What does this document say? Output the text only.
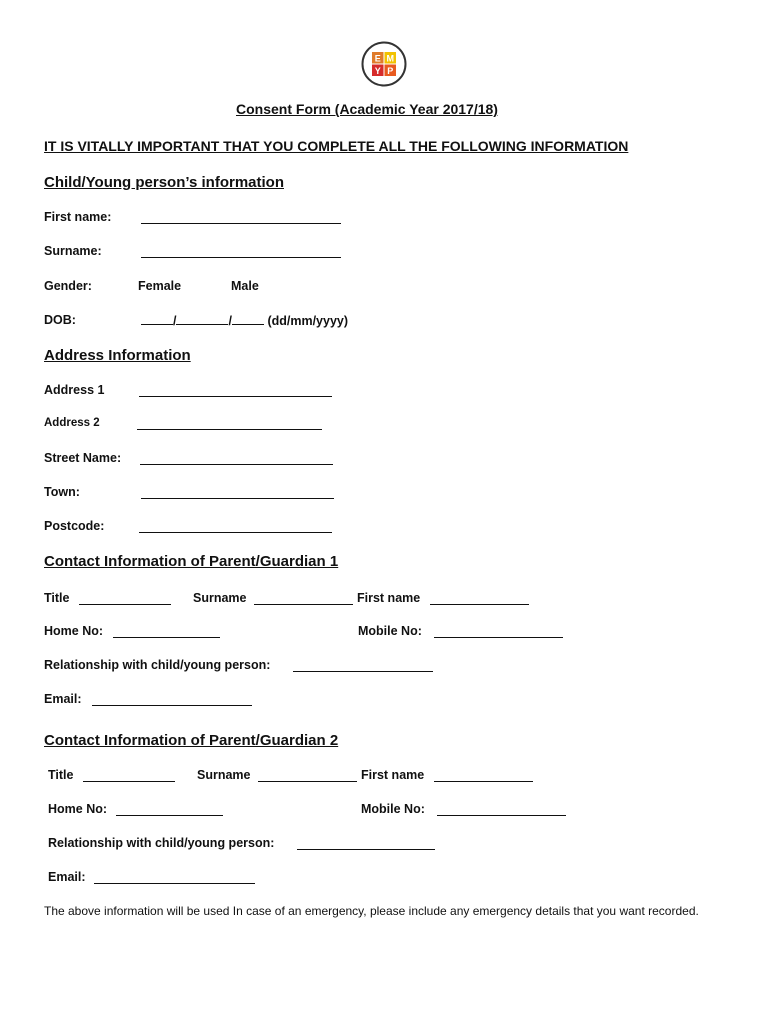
E M
Y P
Consent Form (Academic Year 2017/18)
IT IS VITALLY IMPORTANT THAT YOU COMPLETE ALL THE FOLLOWING INFORMATION
Child/Young person’s information
First name:
Surname:
Gender:	Female	Male
DOB:	/	/	(dd/mm/yyyy)
Address Information
Address 1
Address 2
Street Name:
Town:
Postcode:
Contact Information of Parent/Guardian 1
Title	Surname	First name
Home No:	Mobile No:
Relationship with child/young person:
Email:
Contact Information of Parent/Guardian 2
Title	Surname	First name
Home No:	Mobile No:
Relationship with child/young person:
Email:
The above information will be used In case of an emergency, please include any emergency details that you want recorded.
